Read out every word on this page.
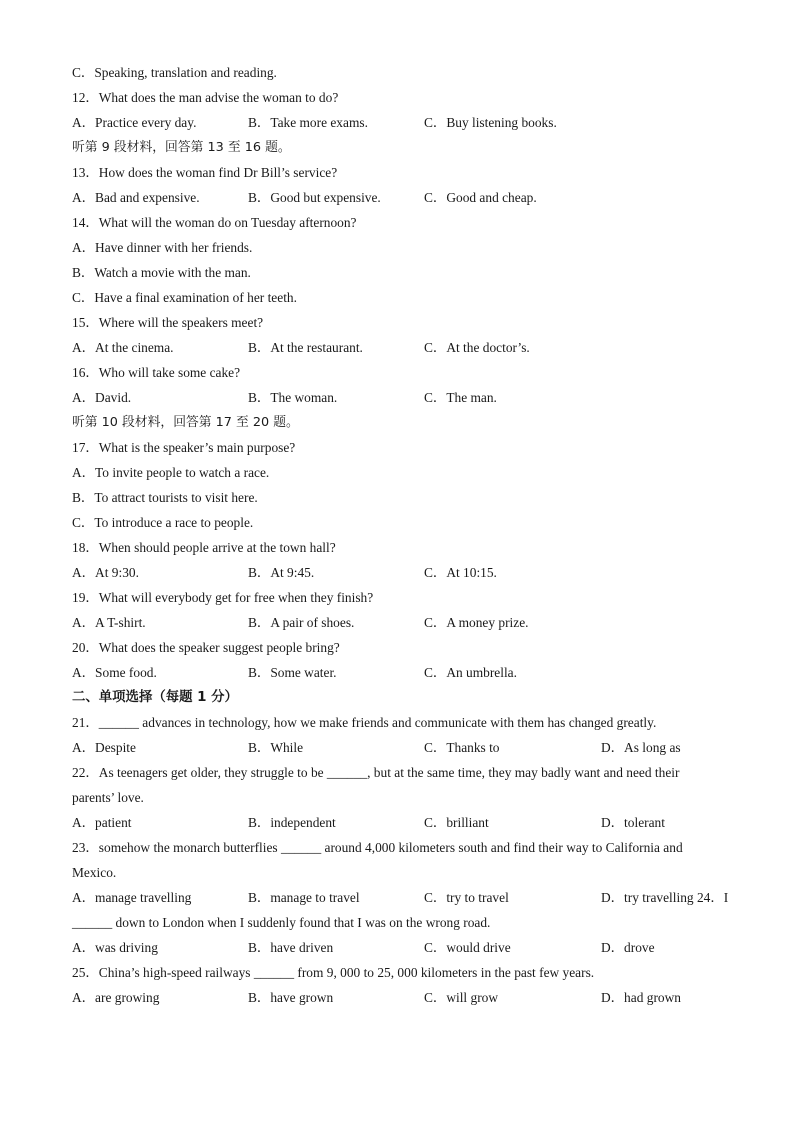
C．Speaking, translation and reading.
12．What does the man advise the woman to do?
A．Practice every day.	B．Take more exams.	C．Buy listening books.
听第 9 段材料，回答第 13 至 16 题。
13．How does the woman find Dr Bill’s service?
A．Bad and expensive.	B．Good but expensive.	C．Good and cheap.
14．What will the woman do on Tuesday afternoon?
A．Have dinner with her friends.
B．Watch a movie with the man.
C．Have a final examination of her teeth.
15．Where will the speakers meet?
A．At the cinema.	B．At the restaurant.	C．At the doctor’s.
16．Who will take some cake?
A．David.	B．The woman.	C．The man.
听第 10 段材料，回答第 17 至 20 题。
17．What is the speaker’s main purpose?
A．To invite people to watch a race.
B．To attract tourists to visit here.
C．To introduce a race to people.
18．When should people arrive at the town hall?
A．At 9:30.	B．At 9:45.	C．At 10:15.
19．What will everybody get for free when they finish?
A．A T-shirt.	B．A pair of shoes.	C．A money prize.
20．What does the speaker suggest people bring?
A．Some food.	B．Some water.	C．An umbrella.
二、单项选择（每题 1 分）
21．______ advances in technology, how we make friends and communicate with them has changed greatly.
A．Despite	B．While	C．Thanks to	D．As long as
22．As teenagers get older, they struggle to be ______, but at the same time, they may badly want and need their
parents’ love.
A．patient	B．independent	C．brilliant	D．tolerant
23．somehow the monarch butterflies ______ around 4,000 kilometers south and find their way to California and
Mexico.
A．manage travelling	B．manage to travel	C．try to travel	D．try travelling 24．I
______ down to London when I suddenly found that I was on the wrong road.
A．was driving	B．have driven	C．would drive	D．drove
25．China’s high-speed railways ______ from 9, 000 to 25, 000 kilometers in the past few years.
A．are growing	B．have grown	C．will grow	D．had grown
